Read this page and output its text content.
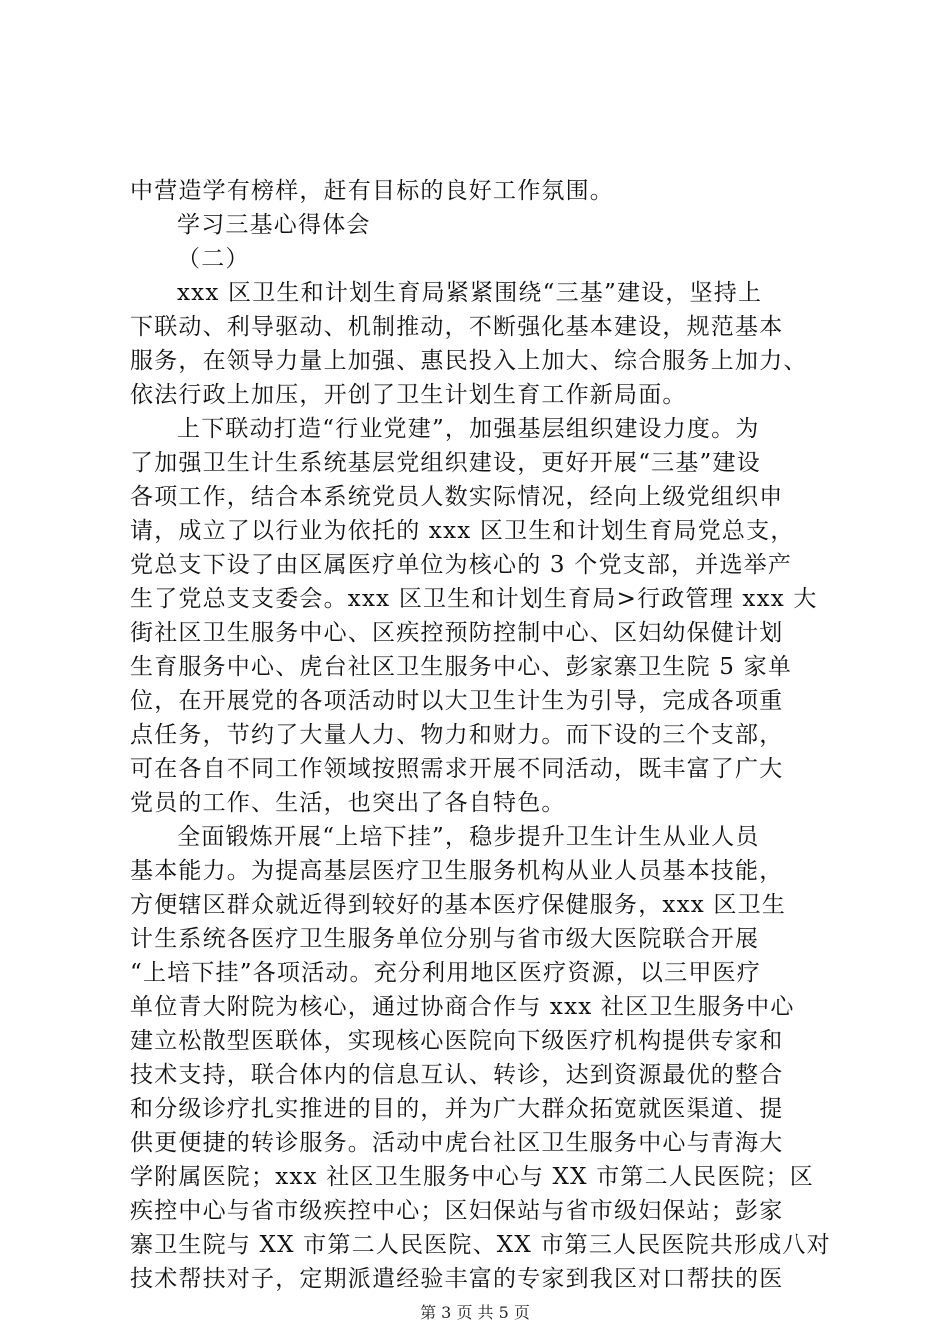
中营造学有榜样，赶有目标的良好工作氛围。
学习三基心得体会
（二）
xxx 区卫生和计划生育局紧紧围绕“三基”建设，坚持上
下联动、利导驱动、机制推动，不断强化基本建设，规范基本
服务，在领导力量上加强、惠民投入上加大、综合服务上加力、
依法行政上加压，开创了卫生计划生育工作新局面。
上下联动打造“行业党建”，加强基层组织建设力度。为
了加强卫生计生系统基层党组织建设，更好开展“三基”建设
各项工作，结合本系统党员人数实际情况，经向上级党组织申
请，成立了以行业为依托的 xxx 区卫生和计划生育局党总支，
党总支下设了由区属医疗单位为核心的 3 个党支部，并选举产
生了党总支支委会。xxx 区卫生和计划生育局>行政管理 xxx 大
街社区卫生服务中心、区疾控预防控制中心、区妇幼保健计划
生育服务中心、虎台社区卫生服务中心、彭家寨卫生院 5 家单
位，在开展党的各项活动时以大卫生计生为引导，完成各项重
点任务，节约了大量人力、物力和财力。而下设的三个支部，
可在各自不同工作领域按照需求开展不同活动，既丰富了广大
党员的工作、生活，也突出了各自特色。
全面锻炼开展“上培下挂”，稳步提升卫生计生从业人员
基本能力。为提高基层医疗卫生服务机构从业人员基本技能，
方便辖区群众就近得到较好的基本医疗保健服务，xxx 区卫生
计生系统各医疗卫生服务单位分别与省市级大医院联合开展
“上培下挂”各项活动。充分利用地区医疗资源，以三甲医疗
单位青大附院为核心，通过协商合作与 xxx 社区卫生服务中心
建立松散型医联体，实现核心医院向下级医疗机构提供专家和
技术支持，联合体内的信息互认、转诊，达到资源最优的整合
和分级诊疗扎实推进的目的，并为广大群众拓宽就医渠道、提
供更便捷的转诊服务。活动中虎台社区卫生服务中心与青海大
学附属医院；xxx 社区卫生服务中心与 XX 市第二人民医院；区
疾控中心与省市级疾控中心；区妇保站与省市级妇保站；彭家
寨卫生院与 XX 市第二人民医院、XX 市第三人民医院共形成八对
技术帮扶对子，定期派遣经验丰富的专家到我区对口帮扶的医
第 3 页 共 5 页
